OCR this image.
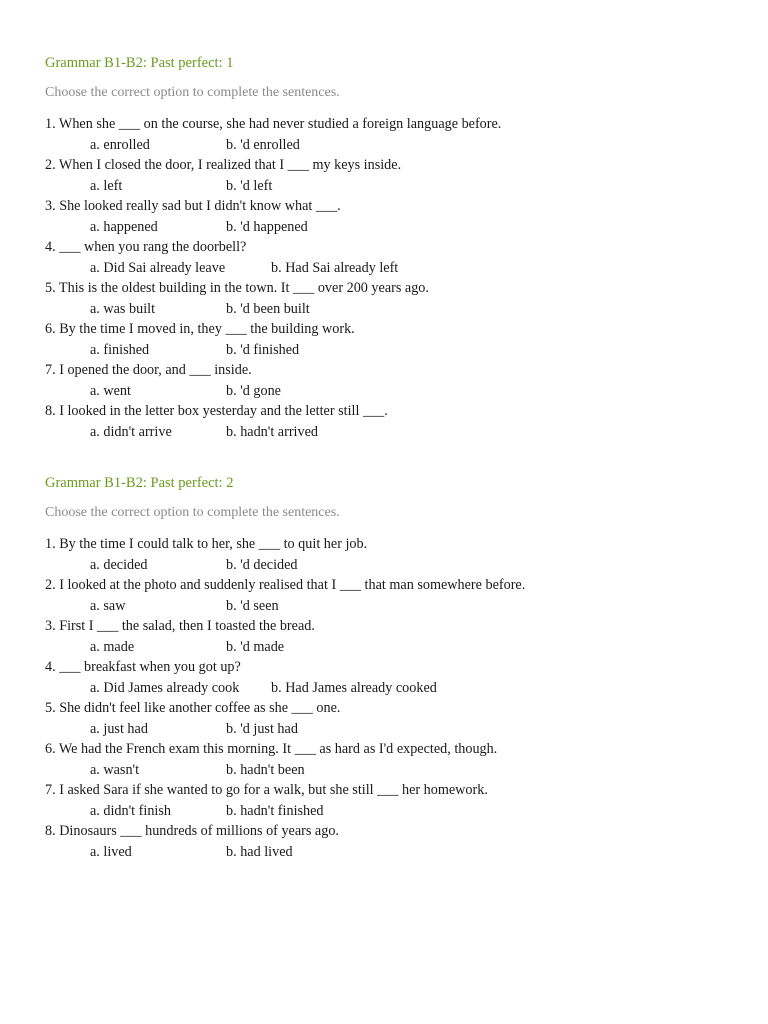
Grammar B1-B2: Past perfect: 1
Choose the correct option to complete the sentences.
1. When she ___ on the course, she had never studied a foreign language before.
a. enrolled	b. 'd enrolled
2. When I closed the door, I realized that I ___ my keys inside.
a. left	b. 'd left
3. She looked really sad but I didn't know what ___.
a. happened	b. 'd happened
4. ___ when you rang the doorbell?
a. Did Sai already leave	b. Had Sai already left
5. This is the oldest building in the town. It ___ over 200 years ago.
a. was built	b. 'd been built
6. By the time I moved in, they ___ the building work.
a. finished	b. 'd finished
7. I opened the door, and ___ inside.
a. went	b. 'd gone
8. I looked in the letter box yesterday and the letter still ___.
a. didn't arrive	b. hadn't arrived
Grammar B1-B2: Past perfect: 2
Choose the correct option to complete the sentences.
1. By the time I could talk to her, she ___ to quit her job.
a. decided	b. 'd decided
2. I looked at the photo and suddenly realised that I ___ that man somewhere before.
a. saw	b. 'd seen
3. First I ___ the salad, then I toasted the bread.
a. made	b. 'd made
4. ___ breakfast when you got up?
a. Did James already cook	b. Had James already cooked
5. She didn't feel like another coffee as she ___ one.
a. just had	b. 'd just had
6. We had the French exam this morning. It ___ as hard as I'd expected, though.
a. wasn't	b. hadn't been
7. I asked Sara if she wanted to go for a walk, but she still ___ her homework.
a. didn't finish	b. hadn't finished
8. Dinosaurs ___ hundreds of millions of years ago.
a. lived	b. had lived
